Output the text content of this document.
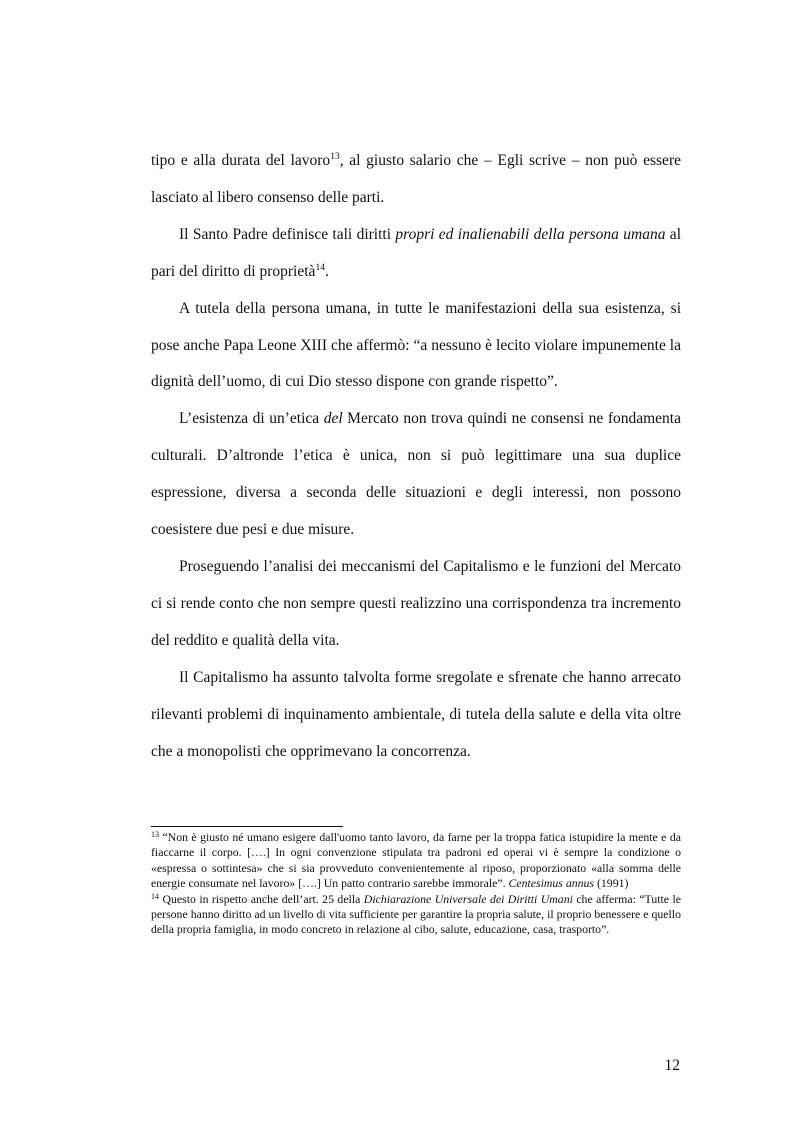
tipo e alla durata del lavoro$^{13}$, al giusto salario che – Egli scrive – non può essere lasciato al libero consenso delle parti.

Il Santo Padre definisce tali diritti propri ed inalienabili della persona umana al pari del diritto di proprietà$^{14}$.

A tutela della persona umana, in tutte le manifestazioni della sua esistenza, si pose anche Papa Leone XIII che affermò: “a nessuno è lecito violare impunemente la dignità dell’uomo, di cui Dio stesso dispone con grande rispetto”.

L’esistenza di un’etica del Mercato non trova quindi ne consensi ne fondamenta culturali. D’altronde l’etica è unica, non si può legittimare una sua duplice espressione, diversa a seconda delle situazioni e degli interessi, non possono coesistere due pesi e due misure.

Proseguendo l’analisi dei meccanismi del Capitalismo e le funzioni del Mercato ci si rende conto che non sempre questi realizzino una corrispondenza tra incremento del reddito e qualità della vita.

Il Capitalismo ha assunto talvolta forme sregolate e sfrenate che hanno arrecato rilevanti problemi di inquinamento ambientale, di tutela della salute e della vita oltre che a monopolisti che opprimevano la concorrenza.

$^{13}$ “Non è giusto né umano esigere dall'uomo tanto lavoro, da farne per la troppa fatica istupidire la mente e da fiaccarne il corpo. [….] In ogni convenzione stipulata tra padroni ed operai vi è sempre la condizione o «espressa o sottintesa» che si sia provveduto convenientemente al riposo, proporzionato «alla somma delle energie consumate nel lavoro» [….] Un patto contrario sarebbe immorale”. Centesimus annus (1991)

$^{14}$ Questo in rispetto anche dell’art. 25 della Dichiarazione Universale dei Diritti Umani che afferma: “Tutte le persone hanno diritto ad un livello di vita sufficiente per garantire la propria salute, il proprio benessere e quello della propria famiglia, in modo concreto in relazione al cibo, salute, educazione, casa, trasporto”.

12
